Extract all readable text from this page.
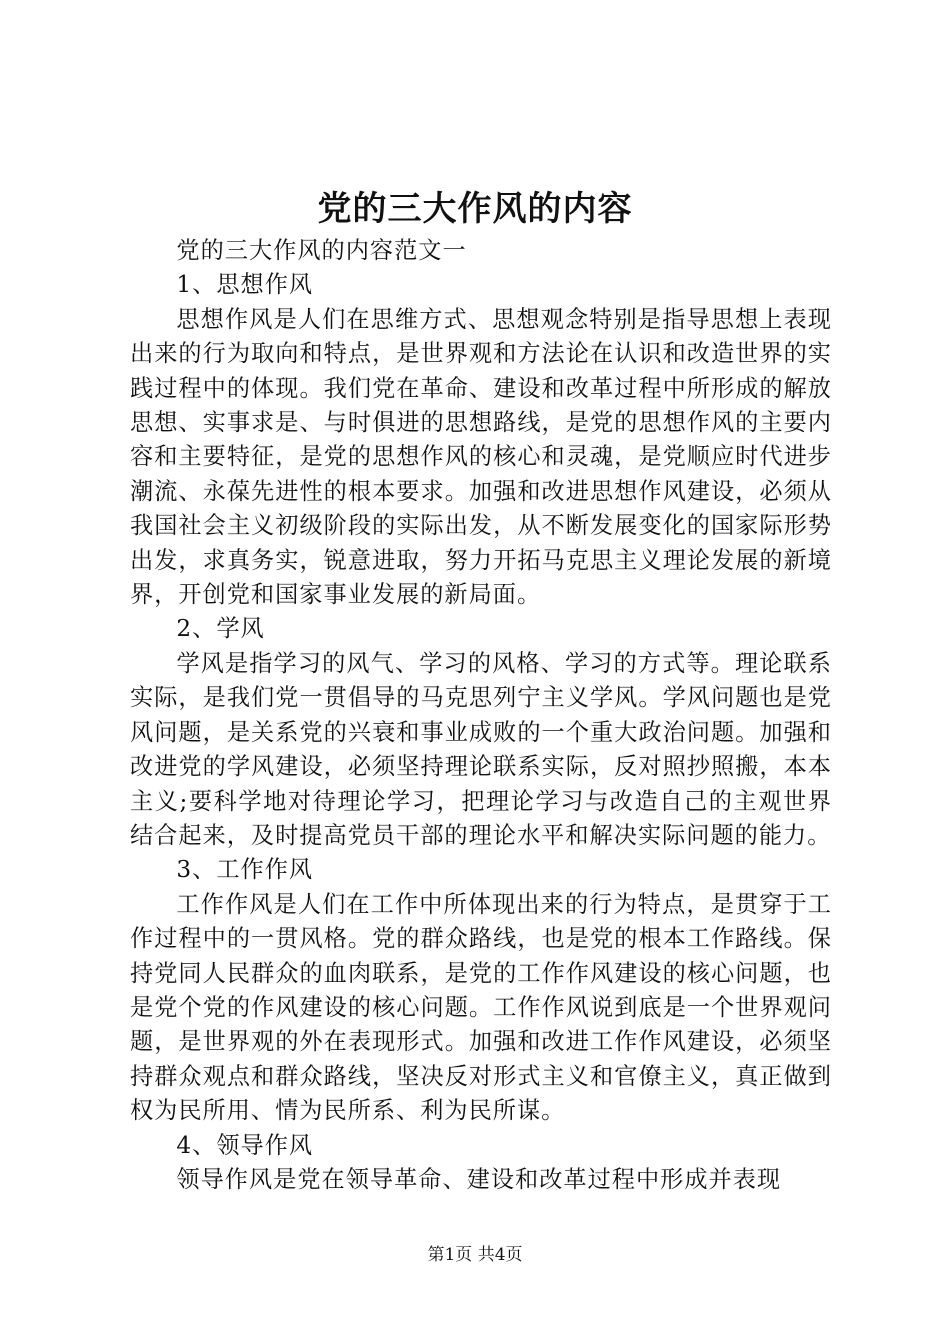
党的三大作风的内容

党的三大作风的内容范文一

1、思想作风

思想作风是人们在思维方式、思想观念特别是指导思想上表现出来的行为取向和特点，是世界观和方法论在认识和改造世界的实践过程中的体现。我们党在革命、建设和改革过程中所形成的解放思想、实事求是、与时俱进的思想路线，是党的思想作风的主要内容和主要特征，是党的思想作风的核心和灵魂，是党顺应时代进步潮流、永葆先进性的根本要求。加强和改进思想作风建设，必须从我国社会主义初级阶段的实际出发，从不断发展变化的国家际形势出发，求真务实，锐意进取，努力开拓马克思主义理论发展的新境界，开创党和国家事业发展的新局面。

2、学风

学风是指学习的风气、学习的风格、学习的方式等。理论联系实际，是我们党一贯倡导的马克思列宁主义学风。学风问题也是党风问题，是关系党的兴衰和事业成败的一个重大政治问题。加强和改进党的学风建设，必须坚持理论联系实际，反对照抄照搬，本本主义;要科学地对待理论学习，把理论学习与改造自己的主观世界结合起来，及时提高党员干部的理论水平和解决实际问题的能力。

3、工作作风

工作作风是人们在工作中所体现出来的行为特点，是贯穿于工作过程中的一贯风格。党的群众路线，也是党的根本工作路线。保持党同人民群众的血肉联系，是党的工作作风建设的核心问题，也是党个党的作风建设的核心问题。工作作风说到底是一个世界观问题，是世界观的外在表现形式。加强和改进工作作风建设，必须坚持群众观点和群众路线，坚决反对形式主义和官僚主义，真正做到权为民所用、情为民所系、利为民所谋。

4、领导作风

领导作风是党在领导革命、建设和改革过程中形成并表现

第1页 共4页
